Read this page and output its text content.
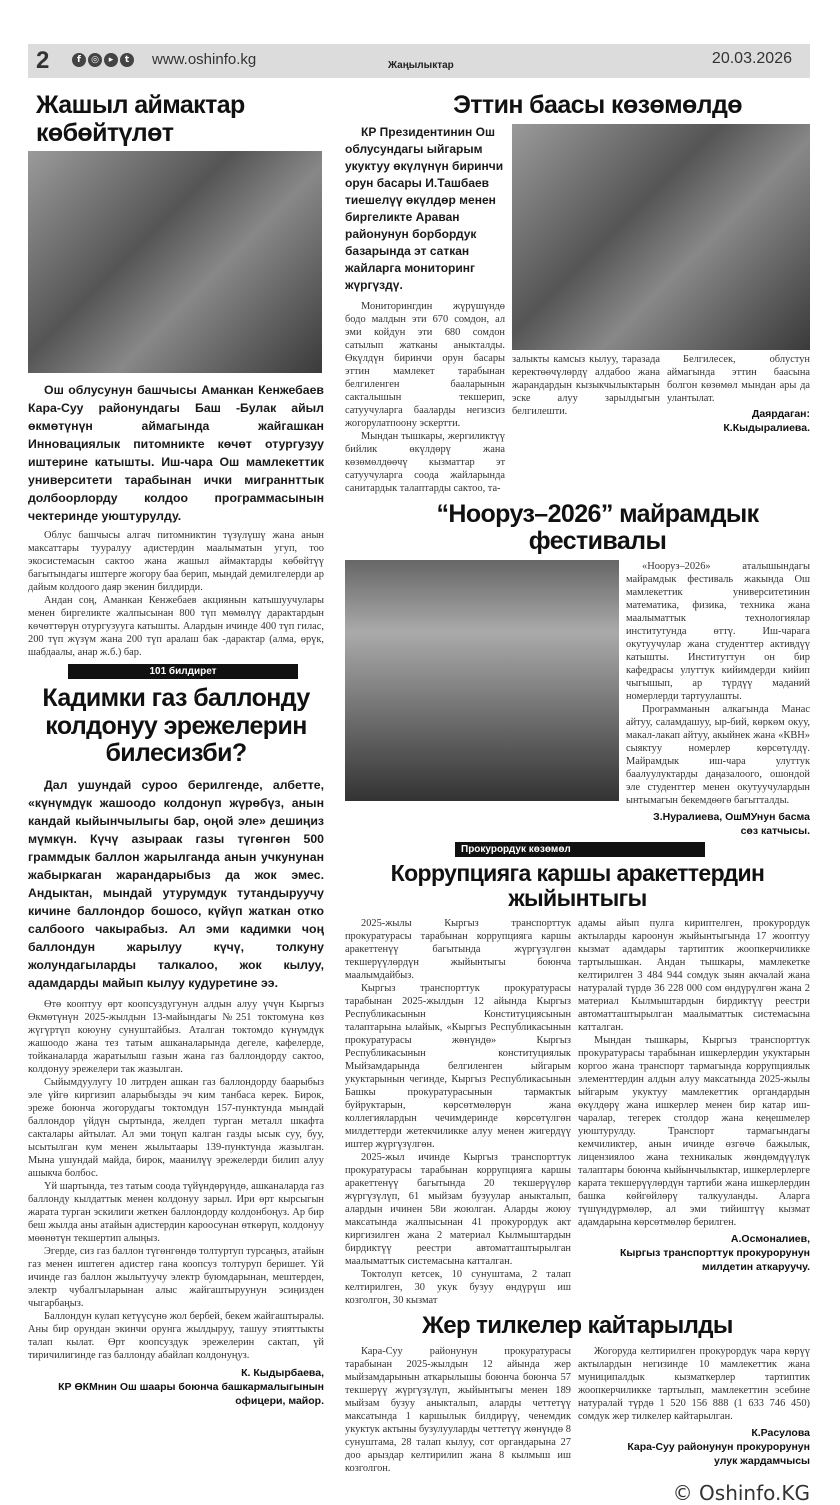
2	f	◎	▸	t	www.oshinfo.kg	Жаңылыктар	20.03.2026
Жашыл аймактар көбөйтүлөт

Ош облусунун башчысы Аманкан Кенжебаев Кара-Суу районундагы Баш -Булак айыл өкмөтүнүн аймагында жайгашкан Инновациялык питомникте көчөт отургузуу иштерине катышты. Иш-чара Ош мамлекеттик университети тарабынан ички миграннттык долбоорлорду колдоо программасынын чектеринде уюштурулду.

Облус башчысы алгач питомниктин түзүлүшү жана анын максаттары тууралуу адистердин маалыматын угуп, тоо экосистемасын сактоо жана жашыл аймактарды көбөйтүү багытындагы иштерге жогору баа берип, мындай демилгелерди ар дайым колдоого даяр экенин билдирди.

Андан соң, Аманкан Кенжебаев акциянын катышуучулары менен биргеликте жалпысынан 800 түп мөмөлүү дарактардын көчөттөрүн отургузууга катышты. Алардын ичинде 400 түп гилас, 200 түп жүзүм жана 200 түп аралаш бак -дарактар (алма, өрүк, шабдаалы, анар ж.б.) бар.

101 билдирет
Кадимки газ баллонду колдонуу эрежелерин билесизби?

Дал ушундай суроо берилгенде, албетте, «күнүмдүк жашоодо колдонуп жүрөбүз, анын кандай кыйынчылыгы бар, оңой эле» дешиңиз мүмкүн. Күчү азыраак газы түгөнгөн 500 граммдык баллон жарылганда анын учкунунан жабыркаган жарандарыбыз да жок эмес. Андыктан, мындай утурумдук тутандыруучу кичине баллондор бошосо, күйүп жаткан отко салбоого чакырабыз. Ал эми кадимки чоң баллондун жарылуу күчү, толкуну жолундагыларды талкалоо, жок кылуу, адамдарды майып кылуу кудуретине ээ.

Өтө кооптуу өрт коопсуздугунун алдын алуу үчүн Кыргыз Өкмөтүнүн 2025-жылдын 13-майындагы №251 токтомуна көз жүгүртүп коюуну сунуштайбыз. Аталган токтомдо күнүмдүк жашоодо жана тез татым ашканаларында дегеле, кафелерде, тойканаларда жаратылыш газын жана газ баллондорду сактоо, колдонуу эрежелери так жазылган.

Сыйымдуулугу 10 литрден ашкан газ баллондорду баарыбыз эле үйгө киргизип аларыбызды эч ким танбаса керек. Бирок, эреже боюнча жогорудагы токтомдун 157-пунктунда мындай баллондор үйдүн сыртында, желдеп турган металл шкафта сакталары айтылат. Ал эми тоңуп калган газды ысык суу, буу, ысытылган кум менен жылытаары 139-пунктунда жазылган. Мына ушундай майда, бирок, маанилүү эрежелерди билип алуу ашыкча болбос.

Үй шартында, тез татым соода түйүндөрүндө, ашканаларда газ баллонду кылдаттык менен колдонуу зарыл. Ири өрт кырсыгын жарата турган эскилиги жеткен баллондорду колдонбоңуз. Ар бир беш жылда аны атайын адистердин кароосунан өткөрүп, колдонуу мөөнөтүн текшертип алыңыз.

Эгерде, сиз газ баллон түгөнгөндө толтуртуп турсаңыз, атайын газ менен иштеген адистер гана коопсуз толтуруп беришет. Үй ичинде газ баллон жылытуучу электр буюмдарынан, мештерден, электр чубалгыларынан алыс жайгаштыруунун эсиңизден чыгарбаңыз.

Баллондун кулап кетүүсүнө жол бербей, бекем жайгаштыралы. Аны бир орундан экинчи орунга жылдыруу, ташуу этияттыкты талап кылат. Өрт коопсуздук эрежелерин сактап, үй тиричилигинде газ баллонду абайлап колдонуңуз.

К. Кыдырбаева,
КР ӨКМнин Ош шаары боюнча башкармалыгынын
офицери, майор.
Эттин баасы көзөмөлдө

КР Президентинин Ош облусундагы ыйгарым укуктуу өкүлүнүн биринчи орун басары И.Ташбаев тиешелүү өкүлдөр менен биргеликте Араван районунун борбордук базарында эт саткан жайларга мониторинг жүргүздү.

Мониторингдин жүрүшүндө бодо малдын эти 670 сомдон, ал эми койдун эти 680 сомдон сатылып жатканы аныкталды. Өкүлдүн биринчи орун басары эттин мамлекет тарабынан белгиленген бааларынын сакталышын текшерип, сатуучуларга бааларды негизсиз жогорулатпоону эскертти.

Мындан тышкары, жергиликтүү бийлик өкүлдөрү жана көзөмөлдөөчү кызматтар эт сатуучуларга соода жайларында санитардык талаптарды сактоо, та-

залыкты камсыз кылуу, таразада керектөөчүлөрдү алдабоо жана жарандардын кызыкчылыктарын эске алуу зарылдыгын белгилешти.

Белгилесек, облустун аймагында эттин баасына болгон көзөмөл мындан ары да улантылат.

Даярдаган:
К.Кыдыралиева.
“Нооруз–2026” майрамдык фестивалы

«Нооруз–2026» аталышындагы майрамдык фестиваль жакында Ош мамлекеттик университетинин математика, физика, техника жана маалыматтык технологиялар институтунда өттү. Иш-чарага окутуучулар жана студенттер активдүү катышты. Институттун он бир кафедрасы улуттук кийимдерди кийип чыгышып, ар түрдүү маданий номерлерди тартуулашты.

Программанын алкагында Манас айтуу, саламдашуу, ыр-бий, көркөм окуу, макал-лакап айтуу, акыйнек жана «КВН» сыяктуу номерлер көрсөтүлдү. Майрамдык иш-чара улуттук баалуулуктарды даңазалоого, ошондой эле студенттер менен окутуучулардын ынтымагын бекемдөөгө багытталды.

З.Нуралиева, ОшМУнун басма
сөз катчысы.
Прокурордук көзөмөл
Коррупцияга каршы аракеттердин жыйынтыгы

2025-жылы Кыргыз транспорттук прокуратурасы тарабынан коррупцияга каршы аракеттенүү багытында жүргүзүлгөн текшерүүлөрдүн жыйынтыгы боюнча маалымдайбыз.

Кыргыз транспорттук прокуратурасы тарабынан 2025-жылдын 12 айында Кыргыз Республикасынын Конституциясынын талаптарына ылайык, «Кыргыз Республикасынын прокуратурасы жөнүндө» Кыргыз Республикасынын конституциялык Мыйзамдарында белгиленген ыйгарым укуктарынын чегинде, Кыргыз Республикасынын Башкы прокуратурасынын тармактык буйруктарын, көрсөтмөлөрүн жана коллегиялардын чечимдеринде көрсөтүлгөн милдеттерди жетекчиликке алуу менен жигердүү иштер жүргүзүлгөн.

2025-жыл ичинде Кыргыз транспорттук прокуратурасы тарабынан коррупцияга каршы аракеттенүү багытында 20 текшерүүлөр жүргүзүлүп, 61 мыйзам бузуулар аныкталып, алардын ичинен 58и жоюлган. Аларды жоюу максатында жалпысынан 41 прокурордук акт киргизилген жана 2 материал Кылмыштардын бирдиктүү реестри автоматташтырылган маалыматтык системасына катталган.

Токтолуп кетсек, 10 сунуштама, 2 талап келтирилген, 30 укук бузуу өндүрүш иш козголгон, 30 кызмат

адамы айып пулга кириптелген, прокурордук актыларды кароонун жыйынтыгында 17 жооптуу кызмат адамдары тартиптик жоопкерчиликке тартылышкан. Андан тышкары, мамлекетке келтирилген 3 484 944 сомдук зыян акчалай жана натуралай түрдө 36 228 000 сом өндүрүлгөн жана 2 материал Кылмыштардын бирдиктүү реестри автоматташтырылган маалыматтык системасына катталган.

Мындан тышкары, Кыргыз транспорттук прокуратурасы тарабынан ишкерлердин укуктарын коргоо жана транспорт тармагында коррупциялык элементтердин алдын алуу максатында 2025-жылы ыйгарым укуктуу мамлекеттик органдардын өкүлдөрү жана ишкерлер менен бир катар иш-чаралар, тегерек столдор жана кеңешмелер уюштурулду. Транспорт тармагындагы кемчиликтер, анын ичинде өзгөчө бажылык, лицензиялоо жана техникалык жөндөмдүүлүк талаптары боюнча кыйынчылыктар, ишкерлерлерге карата текшерүүлөрдүн тартиби жана ишкерлердин башка көйгөйлөрү талкууланды. Аларга түшүндүрмөлөр, ал эми тийиштүү кызмат адамдарына көрсөтмөлөр берилген.

А.Осмоналиев,
Кыргыз транспорттук прокурорунун
милдетин аткаруучу.
Жер тилкелер кайтарылды

Кара-Суу районунун прокуратурасы тарабынан 2025-жылдын 12 айында жер мыйзамдарынын аткарылышы боюнча боюнча 57 текшерүү жүргүзүлүп, жыйынтыгы менен 189 мыйзам бузуу аныкталып, аларды четтетүү максатында 1 каршылык билдирүү, ченемдик укуктук актыны бузулууларды четтетүү жөнүндө 8 сунуштама, 28 талап кылуу, сот органдарына 27 доо арыздар келтирилип жана 8 кылмыш иш козголгон.

Жогоруда келтирилген прокурордук чара көрүү актылардын негизинде 10 мамлекеттик жана муниципалдык кызматкерлер тартиптик жоопкерчиликке тартылып, мамлекеттин эсебине натуралай түрдө 1 520 156 888 (1 633 746 450) сомдук жер тилкелер кайтарылган.

К.Расулова
Кара-Суу районунун прокурорунун
улук жардамчысы
© Oshinfo.KG
